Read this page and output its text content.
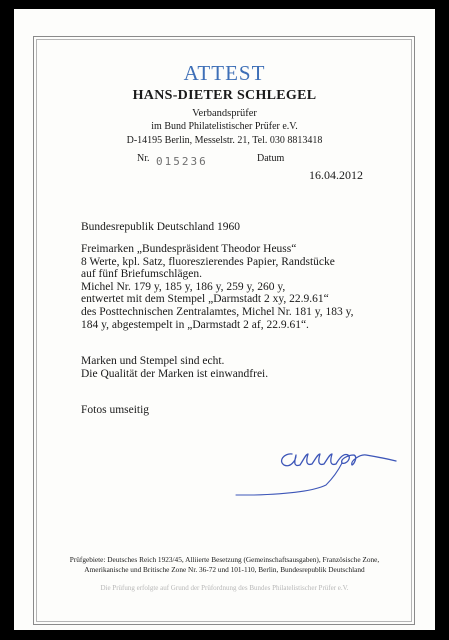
ATTEST
HANS-DIETER SCHLEGEL
Verbandsprüfer
im Bund Philatelistischer Prüfer e.V.
D-14195 Berlin, Messelstr. 21, Tel. 030 8813418
Nr. 015236	Datum
16.04.2012
Bundesrepublik Deutschland 1960
Freimarken „Bundespräsident Theodor Heuss“
8 Werte, kpl. Satz, fluoreszierendes Papier, Randstücke
auf fünf Briefumschlägen.
Michel Nr. 179 y, 185 y, 186 y, 259 y, 260 y,
entwertet mit dem Stempel „Darmstadt 2 xy, 22.9.61“
des Posttechnischen Zentralamtes, Michel Nr. 181 y, 183 y,
184 y, abgestempelt in „Darmstadt 2 af, 22.9.61“.
Marken und Stempel sind echt.
Die Qualität der Marken ist einwandfrei.
Fotos umseitig
Prüfgebiete: Deutsches Reich 1923/45, Alliierte Besetzung (Gemeinschaftsausgaben), Französische Zone,
Amerikanische und Britische Zone Nr. 36-72 und 101-110, Berlin, Bundesrepublik Deutschland
Die Prüfung erfolgte auf Grund der Prüfordnung des Bundes Philatelistischer Prüfer e.V.
